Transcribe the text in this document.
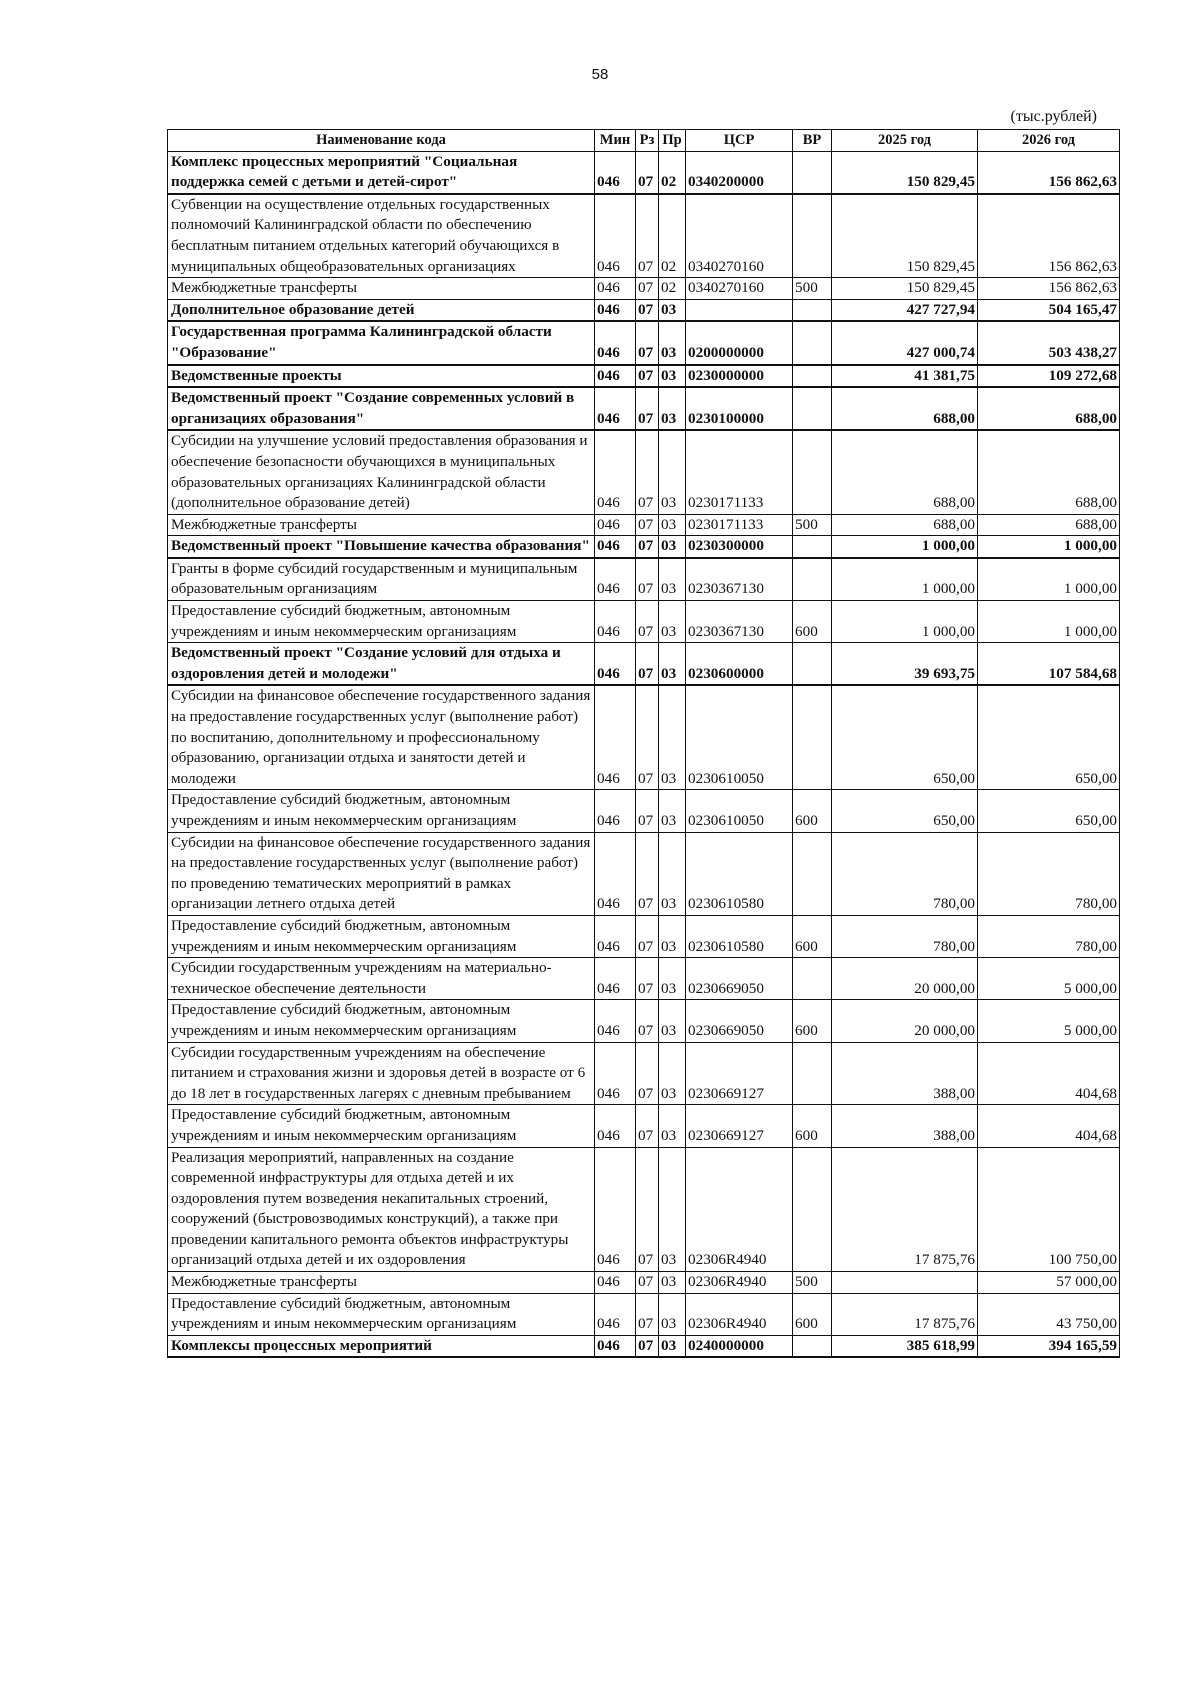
58
(тыс.рублей)
Наименование кода	Мин	Рз	Пр	ЦСР	ВР	2025 год	2026 год
Комплекс процессных мероприятий "Социальная поддержка семей с детьми и детей-сирот"	046	07	02	0340200000		150 829,45	156 862,63
Субвенции на осуществление отдельных государственных полномочий Калининградской области по обеспечению бесплатным питанием отдельных категорий обучающихся в муниципальных общеобразовательных организациях	046	07	02	0340270160		150 829,45	156 862,63
Межбюджетные трансферты	046	07	02	0340270160	500	150 829,45	156 862,63
Дополнительное образование детей	046	07	03			427 727,94	504 165,47
Государственная программа Калининградской области "Образование"	046	07	03	0200000000		427 000,74	503 438,27
Ведомственные проекты	046	07	03	0230000000		41 381,75	109 272,68
Ведомственный проект "Создание современных условий в организациях образования"	046	07	03	0230100000		688,00	688,00
Субсидии на улучшение условий предоставления образования и обеспечение безопасности обучающихся в муниципальных образовательных организациях Калининградской области (дополнительное образование детей)	046	07	03	0230171133		688,00	688,00
Межбюджетные трансферты	046	07	03	0230171133	500	688,00	688,00
Ведомственный проект "Повышение качества образования"	046	07	03	0230300000		1 000,00	1 000,00
Гранты в форме субсидий государственным и муниципальным образовательным организациям	046	07	03	0230367130		1 000,00	1 000,00
Предоставление субсидий бюджетным, автономным учреждениям и иным некоммерческим организациям	046	07	03	0230367130	600	1 000,00	1 000,00
Ведомственный проект "Создание условий для отдыха и оздоровления детей и молодежи"	046	07	03	0230600000		39 693,75	107 584,68
Субсидии на финансовое обеспечение государственного задания на предоставление государственных услуг (выполнение работ) по воспитанию, дополнительному и профессиональному образованию, организации отдыха и занятости детей и молодежи	046	07	03	0230610050		650,00	650,00
Предоставление субсидий бюджетным, автономным учреждениям и иным некоммерческим организациям	046	07	03	0230610050	600	650,00	650,00
Субсидии на финансовое обеспечение государственного задания на предоставление государственных услуг (выполнение работ) по проведению тематических мероприятий в рамках организации летнего отдыха детей	046	07	03	0230610580		780,00	780,00
Предоставление субсидий бюджетным, автономным учреждениям и иным некоммерческим организациям	046	07	03	0230610580	600	780,00	780,00
Субсидии государственным учреждениям на материально-техническое обеспечение деятельности	046	07	03	0230669050		20 000,00	5 000,00
Предоставление субсидий бюджетным, автономным учреждениям и иным некоммерческим организациям	046	07	03	0230669050	600	20 000,00	5 000,00
Субсидии государственным учреждениям на обеспечение питанием и страхования жизни и здоровья детей в возрасте от 6 до 18 лет в государственных лагерях с дневным пребыванием	046	07	03	0230669127		388,00	404,68
Предоставление субсидий бюджетным, автономным учреждениям и иным некоммерческим организациям	046	07	03	0230669127	600	388,00	404,68
Реализация мероприятий, направленных на создание современной инфраструктуры для отдыха детей и их оздоровления путем возведения некапитальных строений, сооружений (быстровозводимых конструкций), а также при проведении капитального ремонта объектов инфраструктуры организаций отдыха детей и их оздоровления	046	07	03	02306R4940		17 875,76	100 750,00
Межбюджетные трансферты	046	07	03	02306R4940	500		57 000,00
Предоставление субсидий бюджетным, автономным учреждениям и иным некоммерческим организациям	046	07	03	02306R4940	600	17 875,76	43 750,00
Комплексы процессных мероприятий	046	07	03	0240000000		385 618,99	394 165,59
